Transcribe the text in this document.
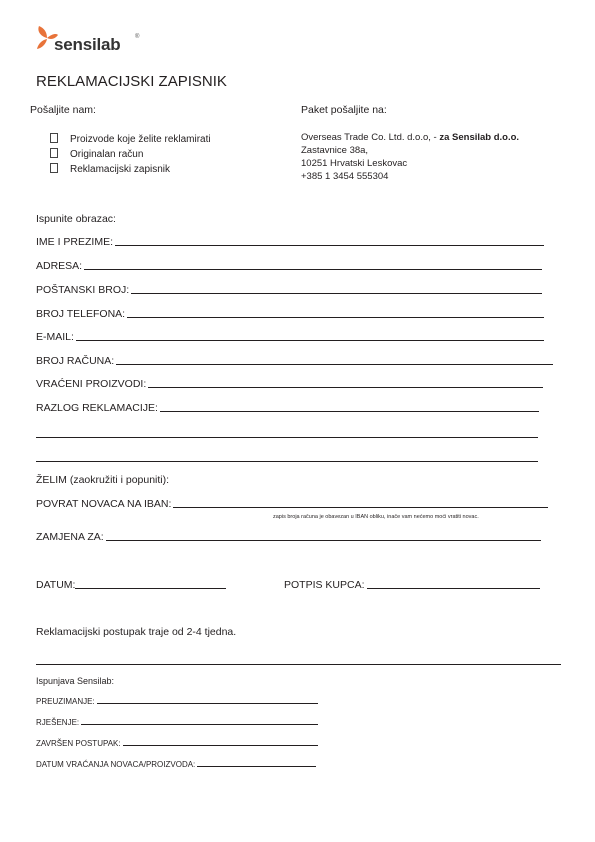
sensilab ®
REKLAMACIJSKI ZAPISNIK
Pošaljite nam:
Proizvode koje želite reklamirati
Originalan račun
Reklamacijski zapisnik
Paket pošaljite na:
Overseas Trade Co. Ltd. d.o.o, - za Sensilab d.o.o.
Zastavnice 38a,
10251 Hrvatski Leskovac
+385 1 3454 555304
Ispunite obrazac:
IME I PREZIME:
ADRESA:
POŠTANSKI BROJ:
BROJ TELEFONA:
E-MAIL:
BROJ RAČUNA:
VRAĆENI PROIZVODI:
RAZLOG REKLAMACIJE:
ŽELIM (zaokružiti i popuniti):
POVRAT NOVACA NA IBAN:
zapis broja računa je obavezan u IBAN obliku, inače vam nećemo moći vratiti novac.
ZAMJENA ZA:
DATUM:	POTPIS KUPCA:
Reklamacijski postupak traje od 2-4 tjedna.
Ispunjava Sensilab:
PREUZIMANJE:
RJEŠENJE:
ZAVRŠEN POSTUPAK:
DATUM VRAĆANJA NOVACA/PROIZVODA:
